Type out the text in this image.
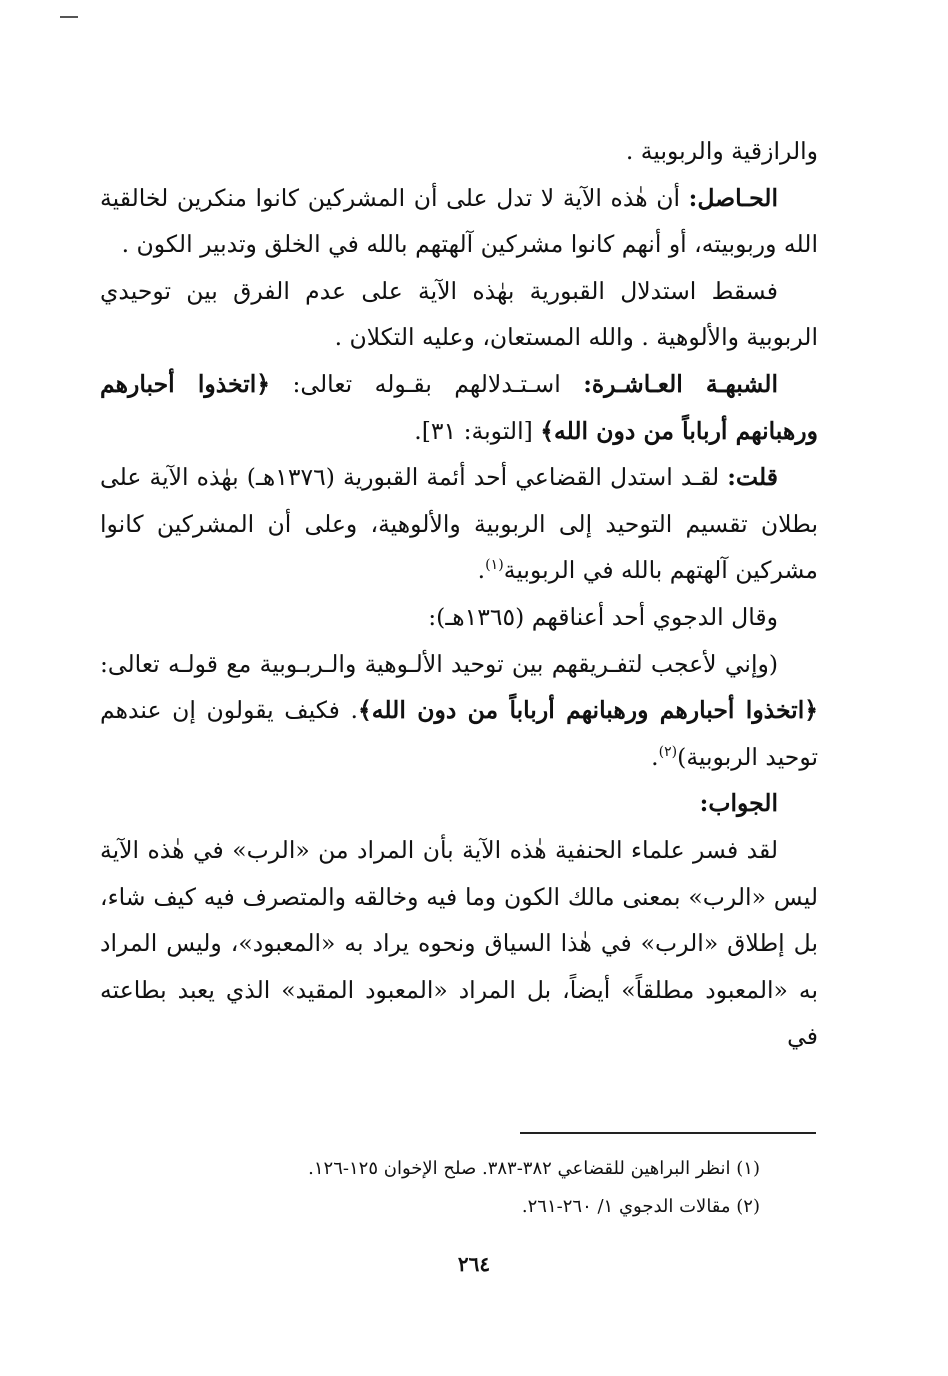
والرازقية والربوبية .

الحـاصل: أن هٰذه الآية لا تدل على أن المشركين كانوا منكرين لخالقية الله وربوبيته، أو أنهم كانوا مشركين آلهتهم بالله في الخلق وتدبير الكون .

فسقط استدلال القبورية بهٰذه الآية على عدم الفرق بين توحيدي الربوبية والألوهية . والله المستعان، وعليه التكلان .

الشبهـة العـاشـرة: اسـتـدلالهم بقـوله تعالى: ﴿اتخذوا أحبارهم ورهبانهم أرباباً من دون الله﴾ [التوبة: ٣١].

قلت: لقـد استدل القضاعي أحد أئمة القبورية (١٣٧٦هـ) بهٰذه الآية على بطلان تقسيم التوحيد إلى الربوبية والألوهية، وعلى أن المشركين كانوا مشركين آلهتهم بالله في الربوبية$^{(١)}$.

وقال الدجوي أحد أعناقهم (١٣٦٥هـ):

(وإني لأعجب لتفـريقهم بين توحيد الألـوهية والـربـوبية مع قولـه تعالى: ﴿اتخذوا أحبارهم ورهبانهم أرباباً من دون الله﴾. فكيف يقولون إن عندهم توحيد الربوبية)$^{(٢)}$.

الجواب:

لقد فسر علماء الحنفية هٰذه الآية بأن المراد من «الرب» في هٰذه الآية ليس «الرب» بمعنى مالك الكون وما فيه وخالقه والمتصرف فيه كيف شاء، بل إطلاق «الرب» في هٰذا السياق ونحوه يراد به «المعبود»، وليس المراد به «المعبود مطلقاً» أيضاً، بل المراد «المعبود المقيد» الذي يعبد بطاعته في

(١) انظر البراهين للقضاعي ٣٨٢-٣٨٣. صلح الإخوان ١٢٥-١٢٦.

(٢) مقالات الدجوي ١/ ٢٦٠-٢٦١.

٢٦٤
